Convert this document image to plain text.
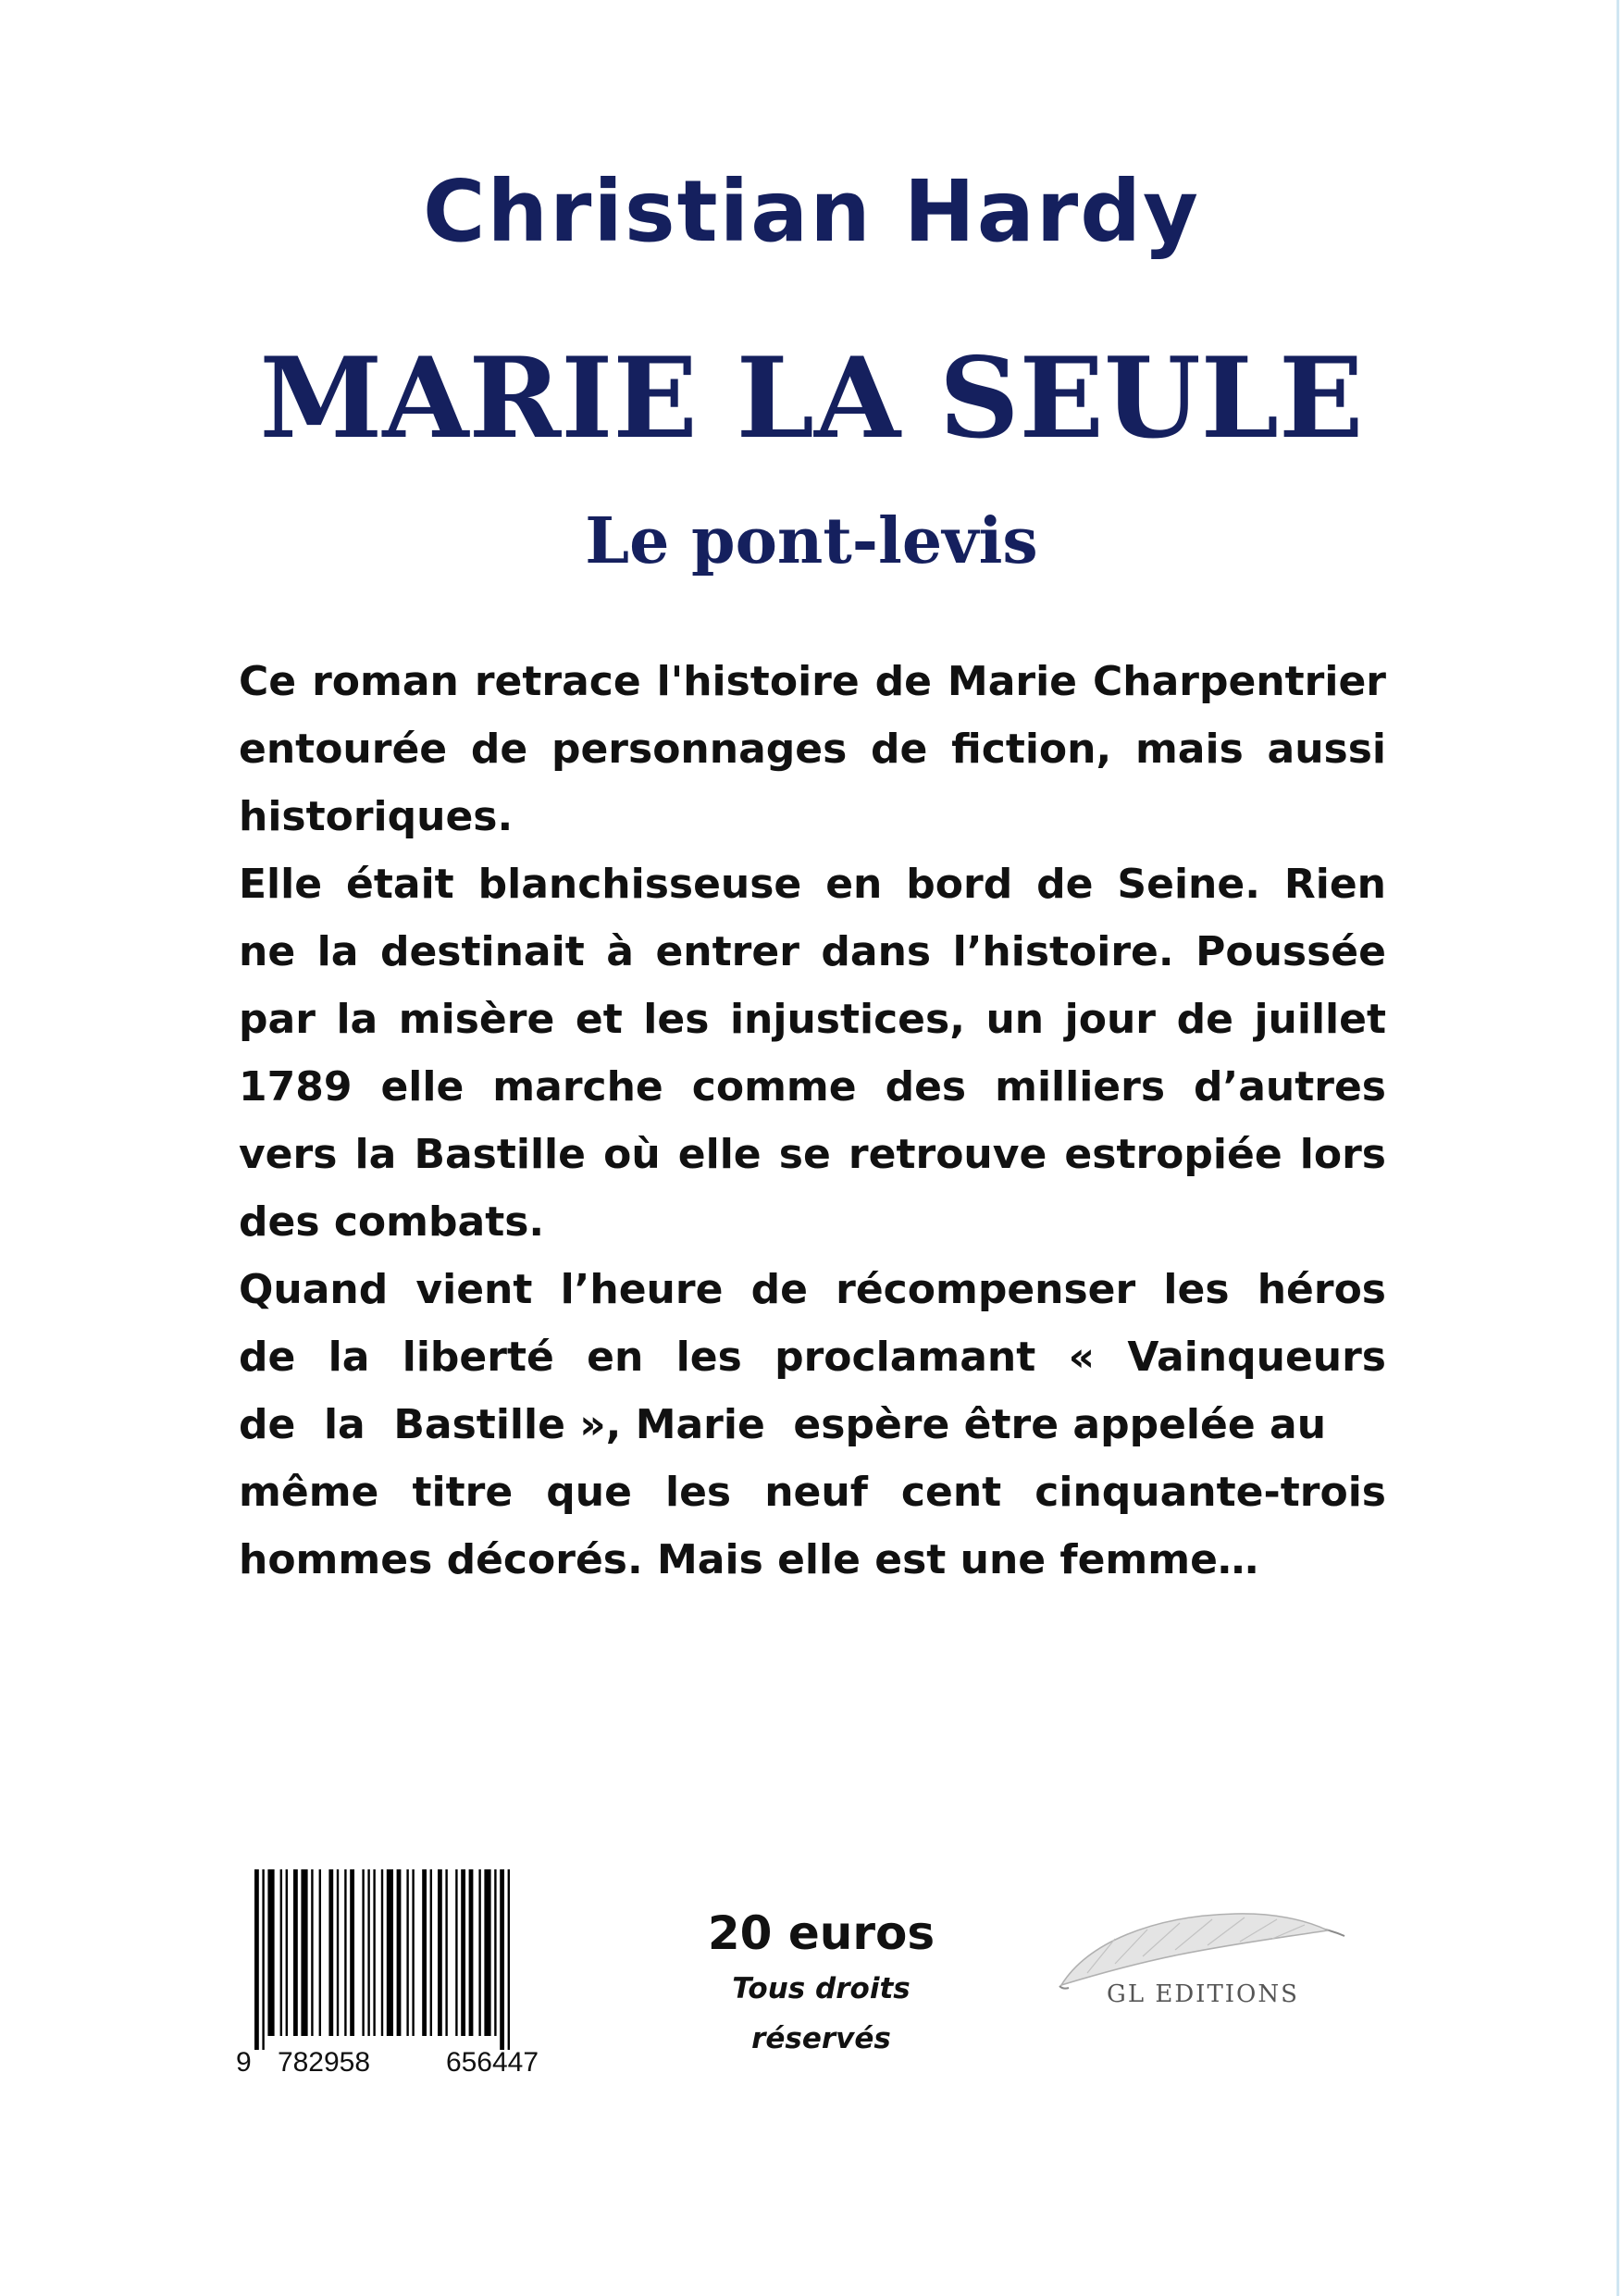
Christian Hardy
MARIE LA SEULE
Le pont-levis
Ce roman retrace l'histoire de Marie Charpentrier
entourée de personnages de fiction, mais aussi
historiques.
Elle était blanchisseuse en bord de Seine. Rien
ne la destinait à entrer dans l’histoire. Poussée
par la misère et les injustices, un jour de juillet
1789 elle marche comme des milliers d’autres
vers la Bastille où elle se retrouve estropiée lors
des combats.
Quand vient l’heure de récompenser les héros
de la liberté en les proclamant « Vainqueurs
de  la  Bastille », Marie  espère être appelée au
même titre que les neuf cent cinquante-trois
hommes décorés. Mais elle est une femme…
9 782958	656447
20 euros
Tous droits
réservés
GL EDITIONS
